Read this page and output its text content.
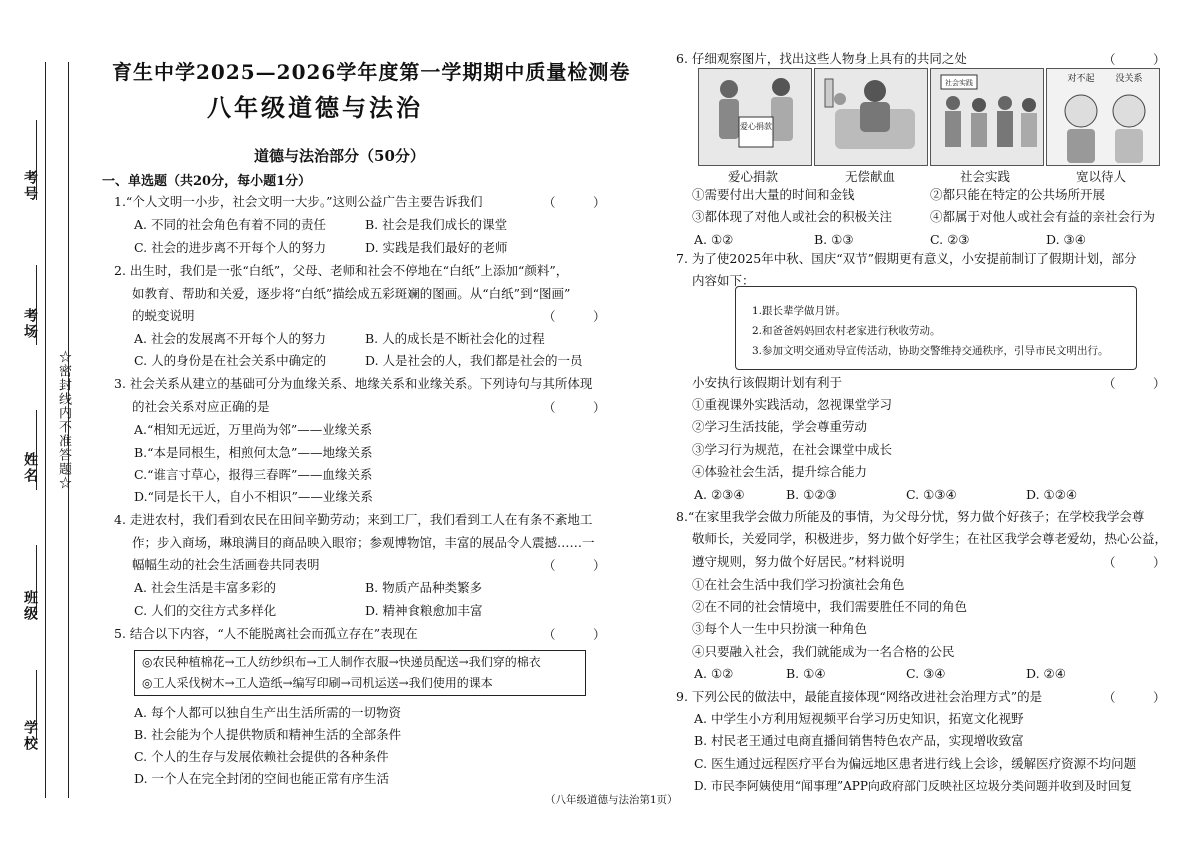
考号
考场
姓名
班级
学校
☆密封线内不准答题☆
育生中学2025—2026学年度第一学期期中质量检测卷
八年级道德与法治
道德与法治部分（50分）
一、单选题（共20分，每小题1分）
1.“个人文明一小步，社会文明一大步。”这则公益广告主要告诉我们	（　　　）
A. 不同的社会角色有着不同的责任	B. 社会是我们成长的课堂
C. 社会的进步离不开每个人的努力	D. 实践是我们最好的老师
2. 出生时，我们是一张“白纸”，父母、老师和社会不停地在“白纸”上添加“颜料”，
如教育、帮助和关爱，逐步将“白纸”描绘成五彩斑斓的图画。从“白纸”到“图画”
的蜕变说明	（　　　）
A. 社会的发展离不开每个人的努力	B. 人的成长是不断社会化的过程
C. 人的身份是在社会关系中确定的	D. 人是社会的人，我们都是社会的一员
3. 社会关系从建立的基础可分为血缘关系、地缘关系和业缘关系。下列诗句与其所体现
的社会关系对应正确的是	（　　　）
A.“相知无远近，万里尚为邻”——业缘关系
B.“本是同根生，相煎何太急”——地缘关系
C.“谁言寸草心，报得三春晖”——血缘关系
D.“同是长干人，自小不相识”——业缘关系
4. 走进农村，我们看到农民在田间辛勤劳动；来到工厂，我们看到工人在有条不紊地工
作；步入商场，琳琅满目的商品映入眼帘；参观博物馆，丰富的展品令人震撼……一
幅幅生动的社会生活画卷共同表明	（　　　）
A. 社会生活是丰富多彩的	B. 物质产品种类繁多
C. 人们的交往方式多样化	D. 精神食粮愈加丰富
5. 结合以下内容，“人不能脱离社会而孤立存在”表现在	（　　　）
◎农民种植棉花→工人纺纱织布→工人制作衣服→快递员配送→我们穿的棉衣
◎工人采伐树木→工人造纸→编写印刷→司机运送→我们使用的课本
A. 每个人都可以独自生产出生活所需的一切物资
B. 社会能为个人提供物质和精神生活的全部条件
C. 个人的生存与发展依赖社会提供的各种条件
D. 一个人在完全封闭的空间也能正常有序生活
6. 仔细观察图片，找出这些人物身上具有的共同之处	（　　　）
爱心捐款
社会实践	对不起 没关系
爱心捐款	无偿献血	社会实践	宽以待人
①需要付出大量的时间和金钱	②都只能在特定的公共场所开展
③都体现了对他人或社会的积极关注	④都属于对他人或社会有益的亲社会行为
A. ①②	B. ①③	C. ②③	D. ③④
7. 为了使2025年中秋、国庆“双节”假期更有意义，小安提前制订了假期计划，部分
内容如下：
1.跟长辈学做月饼。
2.和爸爸妈妈回农村老家进行秋收劳动。
3.参加文明交通劝导宣传活动，协助交警维持交通秩序，引导市民文明出行。
小安执行该假期计划有利于	（　　　）
①重视课外实践活动，忽视课堂学习
②学习生活技能，学会尊重劳动
③学习行为规范，在社会课堂中成长
④体验社会生活，提升综合能力
A. ②③④	B. ①②③	C. ①③④	D. ①②④
8.“在家里我学会做力所能及的事情，为父母分忧，努力做个好孩子；在学校我学会尊
敬师长，关爱同学，积极进步，努力做个好学生；在社区我学会尊老爱幼，热心公益，
遵守规则，努力做个好居民。”材料说明	（　　　）
①在社会生活中我们学习扮演社会角色
②在不同的社会情境中，我们需要胜任不同的角色
③每个人一生中只扮演一种角色
④只要融入社会，我们就能成为一名合格的公民
A. ①②	B. ①④	C. ③④	D. ②④
9. 下列公民的做法中，最能直接体现“网络改进社会治理方式”的是	（　　　）
A. 中学生小方利用短视频平台学习历史知识，拓宽文化视野
B. 村民老王通过电商直播间销售特色农产品，实现增收致富
C. 医生通过远程医疗平台为偏远地区患者进行线上会诊，缓解医疗资源不均问题
D. 市民李阿姨使用“闻事理”APP向政府部门反映社区垃圾分类问题并收到及时回复
（八年级道德与法治第1页）
